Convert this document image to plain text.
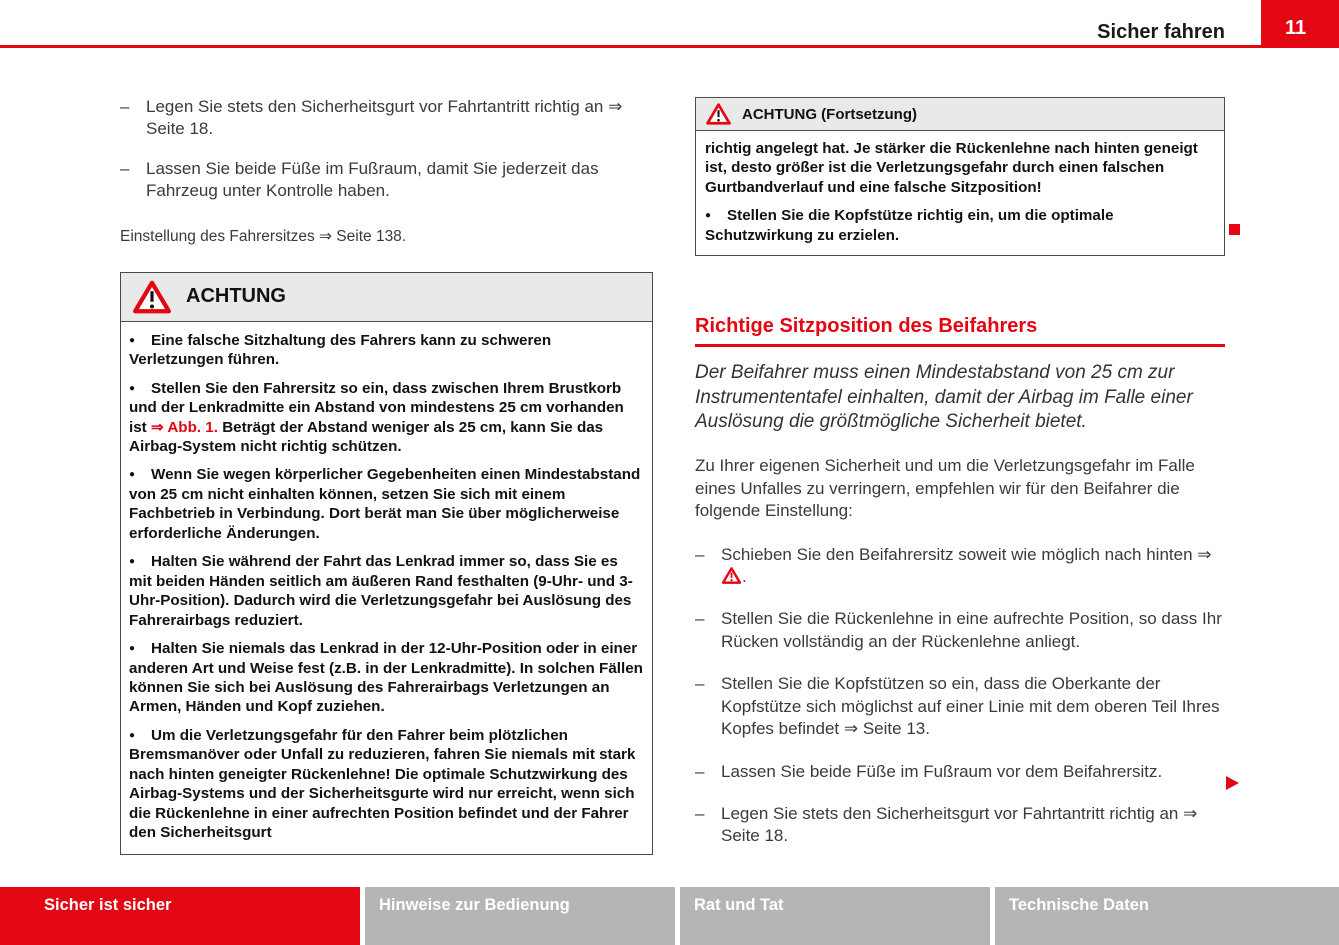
Sicher fahren	11
– Legen Sie stets den Sicherheitsgurt vor Fahrtantritt richtig an ⇒ Seite 18.
– Lassen Sie beide Füße im Fußraum, damit Sie jederzeit das Fahrzeug unter Kontrolle haben.

Einstellung des Fahrersitzes ⇒ Seite 138.

ACHTUNG

● Eine falsche Sitzhaltung des Fahrers kann zu schweren Verletzungen führen.

● Stellen Sie den Fahrersitz so ein, dass zwischen Ihrem Brustkorb und der Lenkradmitte ein Abstand von mindestens 25 cm vorhanden ist ⇒ Abb. 1. Beträgt der Abstand weniger als 25 cm, kann Sie das Airbag-System nicht richtig schützen.

● Wenn Sie wegen körperlicher Gegebenheiten einen Mindestabstand von 25 cm nicht einhalten können, setzen Sie sich mit einem Fachbetrieb in Verbindung. Dort berät man Sie über möglicherweise erforderliche Änderungen.

● Halten Sie während der Fahrt das Lenkrad immer so, dass Sie es mit beiden Händen seitlich am äußeren Rand festhalten (9-Uhr- und 3-Uhr-Position). Dadurch wird die Verletzungsgefahr bei Auslösung des Fahrerairbags reduziert.

● Halten Sie niemals das Lenkrad in der 12-Uhr-Position oder in einer anderen Art und Weise fest (z.B. in der Lenkradmitte). In solchen Fällen können Sie sich bei Auslösung des Fahrerairbags Verletzungen an Armen, Händen und Kopf zuziehen.

● Um die Verletzungsgefahr für den Fahrer beim plötzlichen Bremsmanöver oder Unfall zu reduzieren, fahren Sie niemals mit stark nach hinten geneigter Rückenlehne! Die optimale Schutzwirkung des Airbag-Systems und der Sicherheitsgurte wird nur erreicht, wenn sich die Rückenlehne in einer aufrechten Position befindet und der Fahrer den Sicherheitsgurt

ACHTUNG (Fortsetzung)

richtig angelegt hat. Je stärker die Rückenlehne nach hinten geneigt ist, desto größer ist die Verletzungsgefahr durch einen falschen Gurtbandverlauf und eine falsche Sitzposition!

● Stellen Sie die Kopfstütze richtig ein, um die optimale Schutzwirkung zu erzielen.

Richtige Sitzposition des Beifahrers

Der Beifahrer muss einen Mindestabstand von 25 cm zur Instrumententafel einhalten, damit der Airbag im Falle einer Auslösung die größtmögliche Sicherheit bietet.

Zu Ihrer eigenen Sicherheit und um die Verletzungsgefahr im Falle eines Unfalles zu verringern, empfehlen wir für den Beifahrer die folgende Einstellung:

– Schieben Sie den Beifahrersitz soweit wie möglich nach hinten ⇒.
– Stellen Sie die Rückenlehne in eine aufrechte Position, so dass Ihr Rücken vollständig an der Rückenlehne anliegt.
– Stellen Sie die Kopfstützen so ein, dass die Oberkante der Kopfstütze sich möglichst auf einer Linie mit dem oberen Teil Ihres Kopfes befindet ⇒ Seite 13.
– Lassen Sie beide Füße im Fußraum vor dem Beifahrersitz.
– Legen Sie stets den Sicherheitsgurt vor Fahrtantritt richtig an ⇒ Seite 18.
Sicher ist sicher	Hinweise zur Bedienung	Rat und Tat	Technische Daten
